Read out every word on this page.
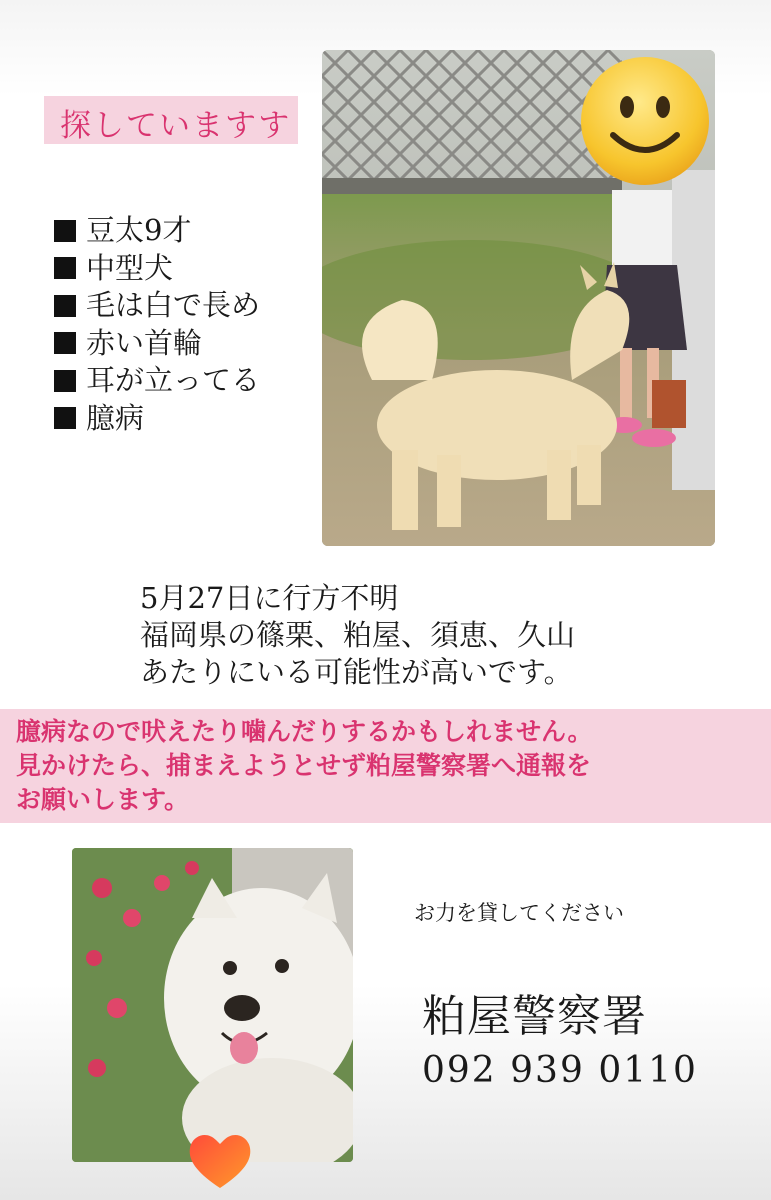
探していますす
豆太9才
中型犬
毛は白で長め
赤い首輪
耳が立ってる
臆病
5月27日に行方不明
福岡県の篠栗、粕屋、須恵、久山
あたりにいる可能性が高いです。
臆病なので吠えたり噛んだりするかもしれません。
見かけたら、捕まえようとせず粕屋警察署へ通報を
お願いします。
お力を貸してください
粕屋警察署
092 939 0110
